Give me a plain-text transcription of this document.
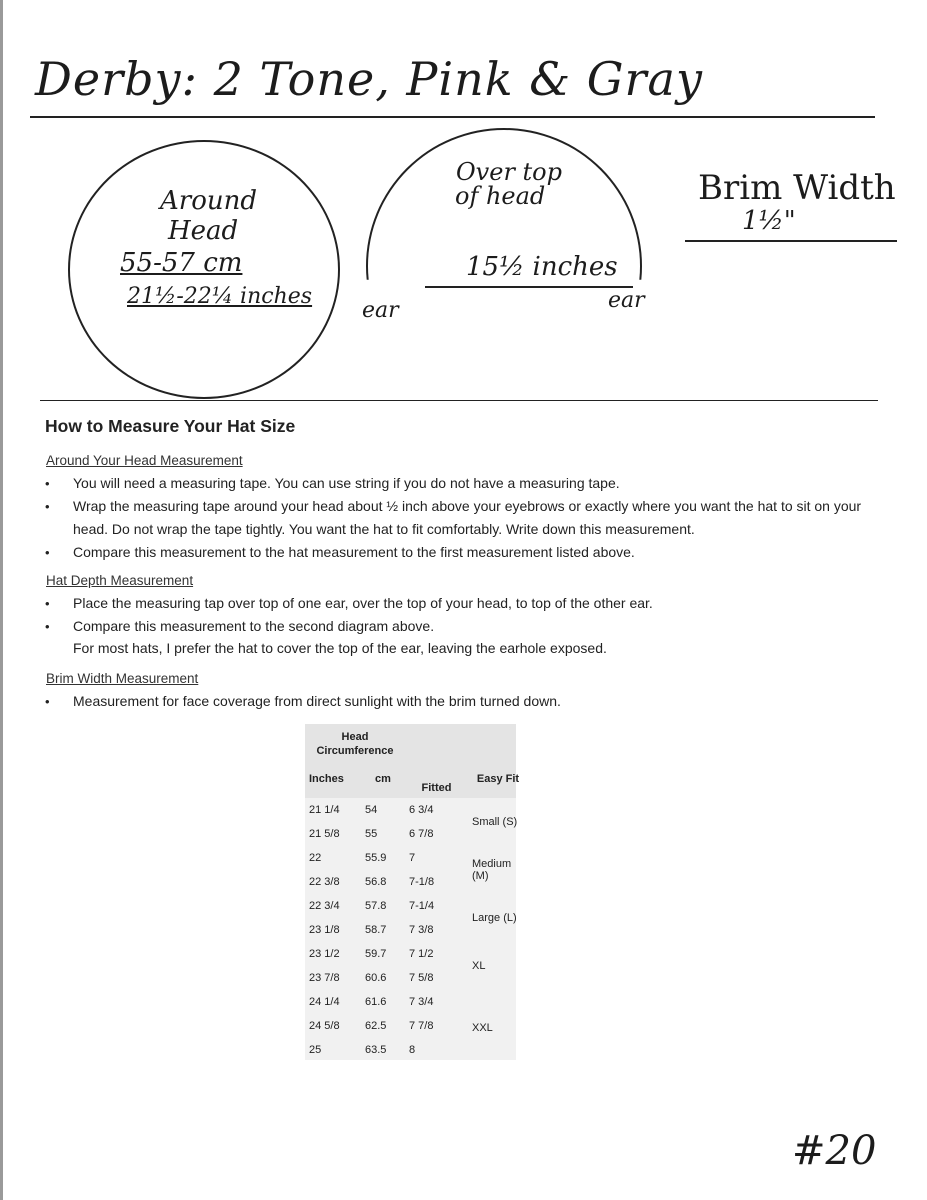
Derby: 2 Tone, Pink & Gray
Around
Head
55-57 cm
21½-22¼ inches
Over top
of head
15½ inches
ear	ear
Brim Width
1½"
How to Measure Your Hat Size
Around Your Head Measurement
• You will need a measuring tape. You can use string if you do not have a measuring tape.
• Wrap the measuring tape around your head about ½ inch above your eyebrows or exactly where you want the hat to sit on your head. Do not wrap the tape tightly. You want the hat to fit comfortably. Write down this measurement.
• Compare this measurement to the hat measurement to the first measurement listed above.
Hat Depth Measurement
• Place the measuring tap over top of one ear, over the top of your head, to top of the other ear.
• Compare this measurement to the second diagram above.
For most hats, I prefer the hat to cover the top of the ear, leaving the earhole exposed.
Brim Width Measurement
• Measurement for face coverage from direct sunlight with the brim turned down.
Head Circumference			
Inches	cm	Fitted	Easy Fit
21 1/4	54	6 3/4	Small (S)
21 5/8	55	6 7/8	
22	55.9	7	Medium (M)
22 3/8	56.8	7-1/8	
22 3/4	57.8	7-1/4	Large (L)
23 1/8	58.7	7 3/8	
23 1/2	59.7	7 1/2	XL
23 7/8	60.6	7 5/8	
24 1/4	61.6	7 3/4	XXL
24 5/8	62.5	7 7/8	
25	63.5	8	
#20
